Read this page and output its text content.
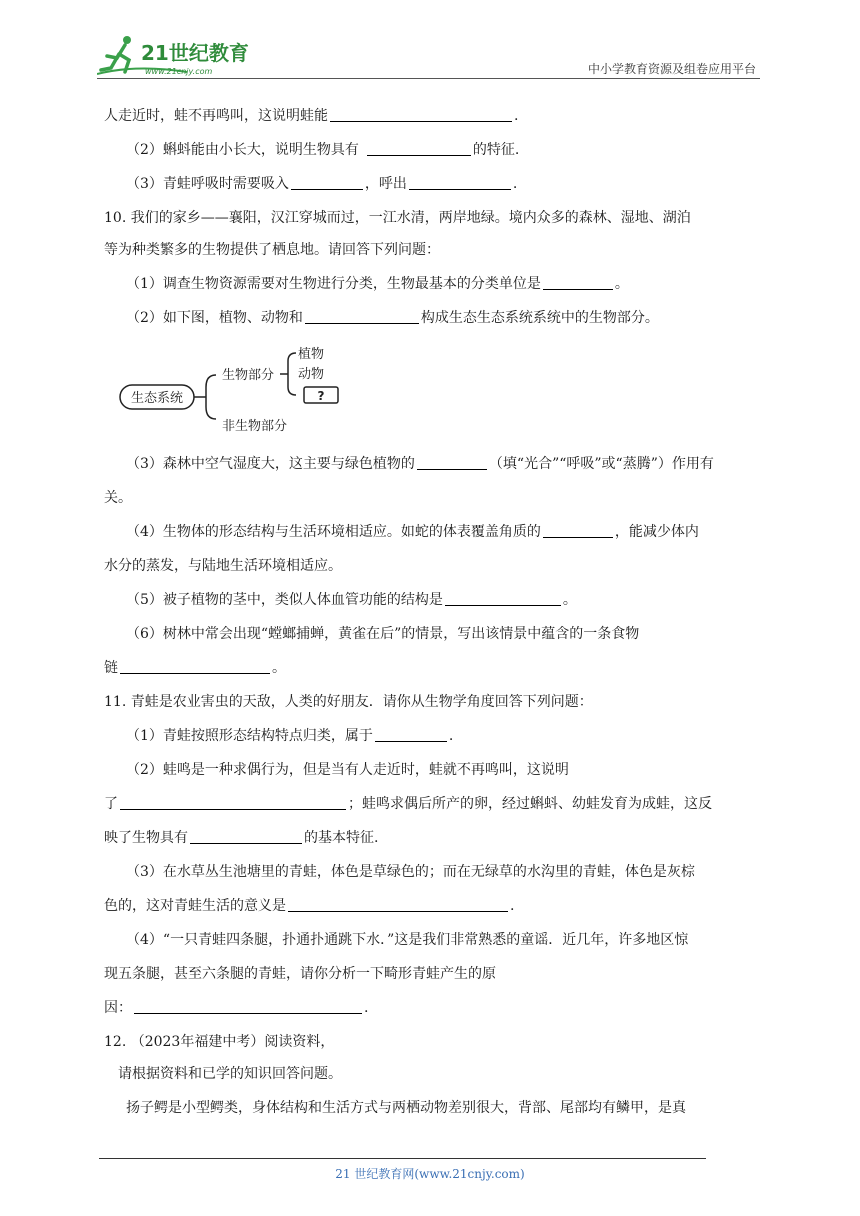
21世纪教育
www.21cnjy.com	中小学教育资源及组卷应用平台
人走近时，蛙不再鸣叫，这说明蛙能	.
（2）蝌蚪能由小长大，说明生物具有	的特征.
（3）青蛙呼吸时需要吸入	，呼出	.
10. 我们的家乡——襄阳，汉江穿城而过，一江水清，两岸地绿。境内众多的森林、湿地、湖泊
等为种类繁多的生物提供了栖息地。请回答下列问题：
（1）调查生物资源需要对生物进行分类，生物最基本的分类单位是	。
（2）如下图，植物、动物和	构成生态生态系统系统中的生物部分。
生态系统
生物部分
非生物部分
植物
动物
?
（3）森林中空气湿度大，这主要与绿色植物的	（填“光合”“呼吸”或“蒸腾”）作用有
关。
（4）生物体的形态结构与生活环境相适应。如蛇的体表覆盖角质的	，能减少体内
水分的蒸发，与陆地生活环境相适应。
（5）被子植物的茎中，类似人体血管功能的结构是	。
（6）树林中常会出现“螳螂捕蝉，黄雀在后”的情景，写出该情景中蕴含的一条食物
链	。
11. 青蛙是农业害虫的天敌，人类的好朋友．请你从生物学角度回答下列问题：
（1）青蛙按照形态结构特点归类，属于	.
（2）蛙鸣是一种求偶行为，但是当有人走近时，蛙就不再鸣叫，这说明
了	；蛙鸣求偶后所产的卵，经过蝌蚪、幼蛙发育为成蛙，这反
映了生物具有	的基本特征.
（3）在水草丛生池塘里的青蛙，体色是草绿色的；而在无绿草的水沟里的青蛙，体色是灰棕
色的，这对青蛙生活的意义是	.
（4）“一只青蛙四条腿，扑通扑通跳下水．”这是我们非常熟悉的童谣．近几年，许多地区惊
现五条腿，甚至六条腿的青蛙，请你分析一下畸形青蛙产生的原
因：	.
12. （2023年福建中考）阅读资料，
请根据资料和已学的知识回答问题。
扬子鳄是小型鳄类，身体结构和生活方式与两栖动物差别很大，背部、尾部均有鳞甲，是真
21 世纪教育网(www.21cnjy.com)
